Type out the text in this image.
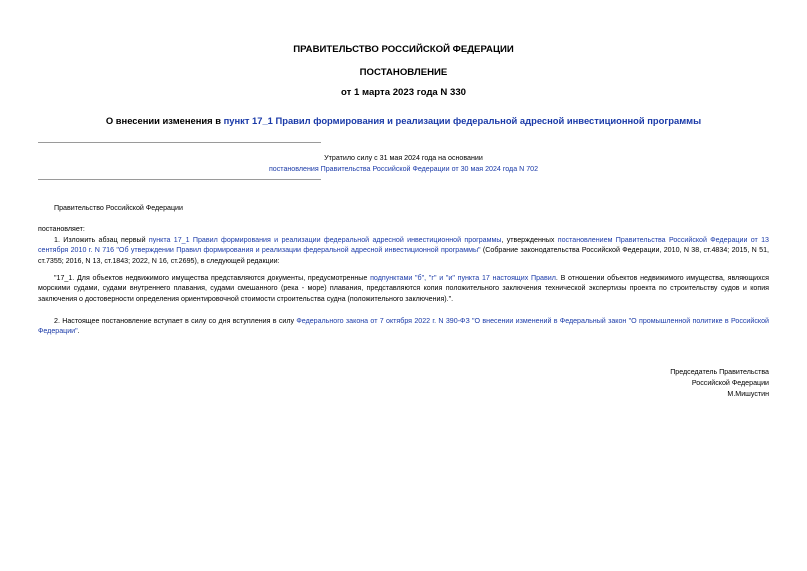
ПРАВИТЕЛЬСТВО РОССИЙСКОЙ ФЕДЕРАЦИИ
ПОСТАНОВЛЕНИЕ
от 1 марта 2023 года N 330
О внесении изменения в пункт 17_1 Правил формирования и реализации федеральной адресной инвестиционной программы
Утратило силу с 31 мая 2024 года на основании
постановления Правительства Российской Федерации от 30 мая 2024 года N 702
Правительство Российской Федерации
постановляет:
1. Изложить абзац первый пункта 17_1 Правил формирования и реализации федеральной адресной инвестиционной программы, утвержденных постановлением Правительства Российской Федерации от 13 сентября 2010 г. N 716 "Об утверждении Правил формирования и реализации федеральной адресной инвестиционной программы" (Собрание законодательства Российской Федерации, 2010, N 38, ст.4834; 2015, N 51, ст.7355; 2016, N 13, ст.1843; 2022, N 16, ст.2695), в следующей редакции:
"17_1. Для объектов недвижимого имущества представляются документы, предусмотренные подпунктами "б", "г" и "и" пункта 17 настоящих Правил. В отношении объектов недвижимого имущества, являющихся морскими судами, судами внутреннего плавания, судами смешанного (река - море) плавания, представляются копия положительного заключения технической экспертизы проекта по строительству судов и копия заключения о достоверности определения ориентировочной стоимости строительства судна (положительного заключения).".
2. Настоящее постановление вступает в силу со дня вступления в силу Федерального закона от 7 октября 2022 г. N 390-ФЗ "О внесении изменений в Федеральный закон "О промышленной политике в Российской Федерации".
Председатель Правительства
Российской Федерации
М.Мишустин
